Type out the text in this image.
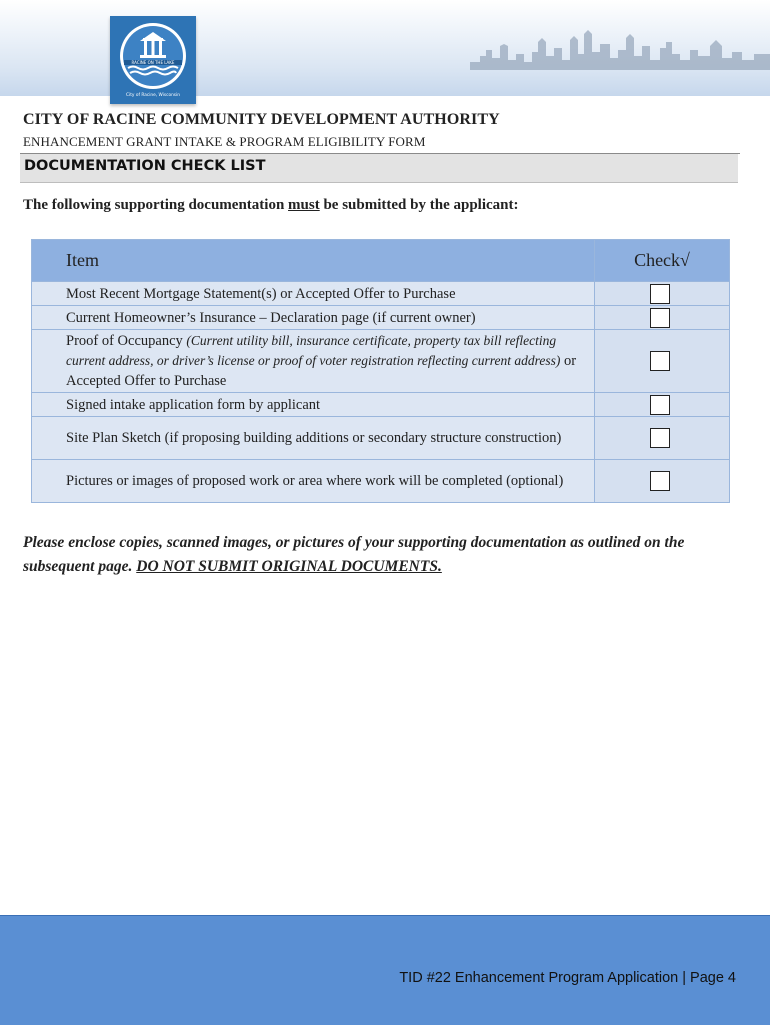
RACINE ON THE LAKE
City of Racine, Wisconsin
CITY OF RACINE COMMUNITY DEVELOPMENT AUTHORITY
ENHANCEMENT GRANT INTAKE & PROGRAM ELIGIBILITY FORM
DOCUMENTATION CHECK LIST
The following supporting documentation must be submitted by the applicant:
Item	Check√
Most Recent Mortgage Statement(s) or Accepted Offer to Purchase	
Current Homeowner’s Insurance – Declaration page (if current owner)	
Proof of Occupancy (Current utility bill, insurance certificate, property tax bill reflecting current address, or driver’s license or proof of voter registration reflecting current address) or Accepted Offer to Purchase	
Signed intake application form by applicant	
Site Plan Sketch (if proposing building additions or secondary structure construction)	
Pictures or images of proposed work or area where work will be completed (optional)	
Please enclose copies, scanned images, or pictures of your supporting documentation as outlined on the subsequent page. DO NOT SUBMIT ORIGINAL DOCUMENTS.
TID #22 Enhancement Program Application | Page 4
